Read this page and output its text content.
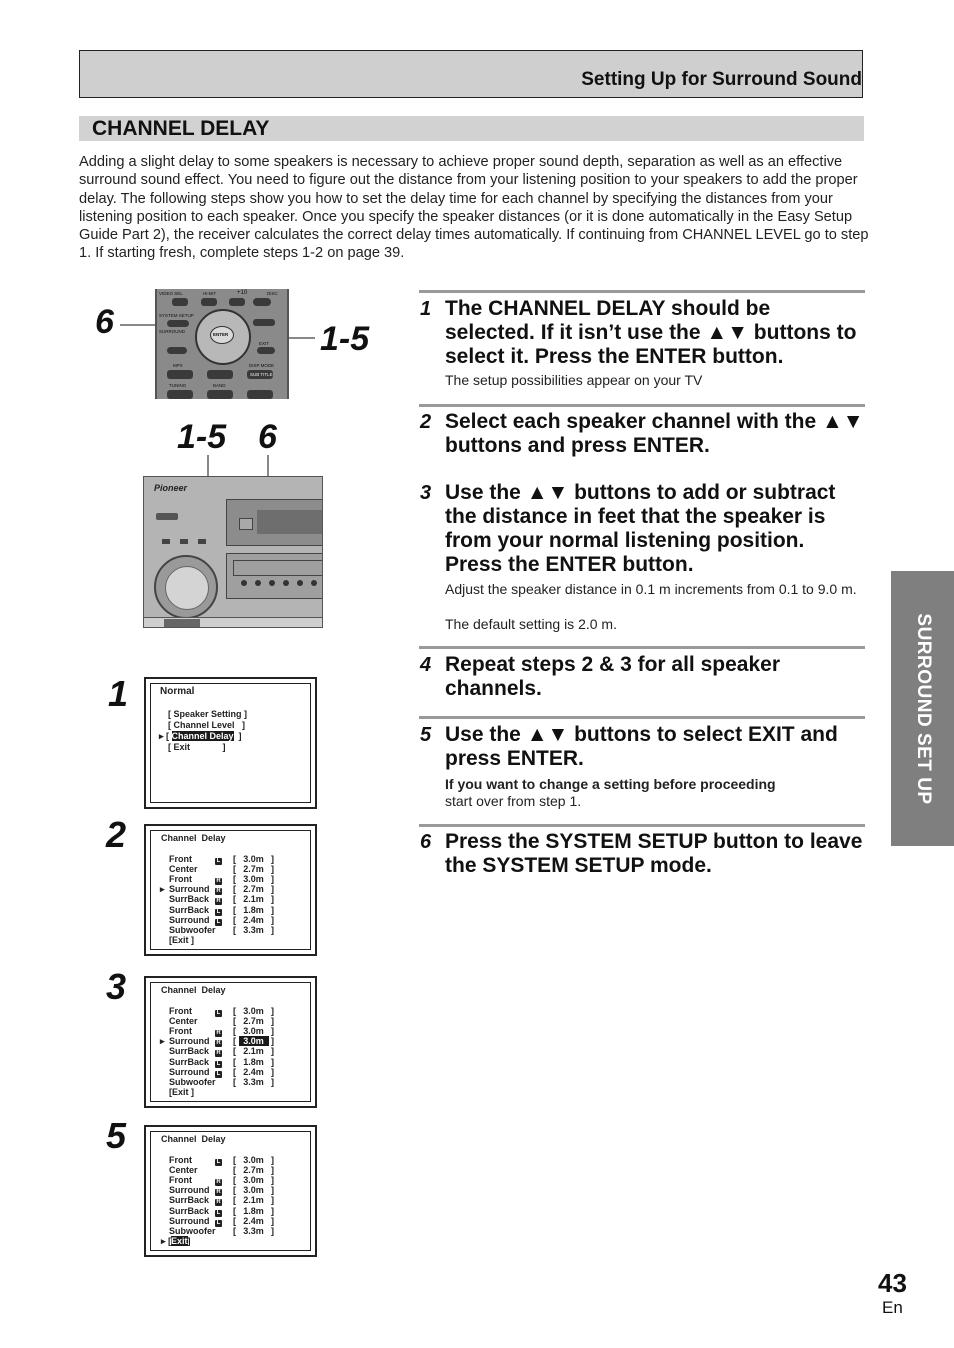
Setting Up for Surround Sound
CHANNEL DELAY
Adding a slight delay to some speakers is necessary to achieve proper sound depth, separation as well as an effective surround sound effect. You need to figure out the distance from your listening position to your speakers to add the proper delay. The following steps show you how to set the delay time for each channel by specifying the distances from your listening position to each speaker. Once you specify the speaker distances (or it is done automatically in the Easy Setup Guide Part 2), the receiver calculates the correct delay times automatically. If continuing from CHANNEL LEVEL go to step 1. If starting fresh, complete steps 1-2 on page 39.
SURROUND SET UP
43
En
6	1-5
VIDEO SEL	HI-BIT	+10	DISC
SYSTEM SETUP
SURROUND
ENTER
EXIT
MPX	DISP MODE
SUB TITLE
TUNING	BAND
1-5 6
Pioneer
1	Normal
[ Speaker Setting ]
[ Channel Level   ]
▸ [ Channel Delay  ]
[ Exit             ]
2	Channel  Delay
[Exit ]
Front	L [ 3.0m ]
Center	[ 2.7m ]
Front	R [ 3.0m ]
▸ Surround R [ 2.7m ]
SurrBack R [ 2.1m ]
SurrBack L [ 1.8m ]
Surround L [ 2.4m ]
Subwoofer [ 3.3m ]
3	Channel  Delay
[Exit ]
Front	L [ 3.0m ]
Center	[ 2.7m ]
Front	R [ 3.0m ]
▸ Surround R [ 3.0m ]
SurrBack R [ 2.1m ]
SurrBack L [ 1.8m ]
Surround L [ 2.4m ]
Subwoofer [ 3.3m ]
5	Channel  Delay
▸ [Exit]
Front	L [ 3.0m ]
Center	[ 2.7m ]
Front	R [ 3.0m ]
Surround R [ 3.0m ]
SurrBack R [ 2.1m ]
SurrBack L [ 1.8m ]
Surround L [ 2.4m ]
Subwoofer [ 3.3m ]
1 The CHANNEL DELAY should be selected. If it isn’t use the ▲▼ buttons to select it. Press the ENTER button.
The setup possibilities appear on your TV
2 Select each speaker channel with the ▲▼ buttons and press ENTER.
3 Use the ▲▼ buttons to add or subtract the distance in feet that the speaker is from your normal listening position. Press the ENTER button.
Adjust the speaker distance in 0.1 m increments from 0.1 to 9.0 m.
The default setting is 2.0 m.
4 Repeat steps 2 & 3 for all speaker channels.
5 Use the ▲▼ buttons to select EXIT and press ENTER.
If you want to change a setting before proceeding
start over from step 1.
6 Press the SYSTEM SETUP button to leave the SYSTEM SETUP mode.
